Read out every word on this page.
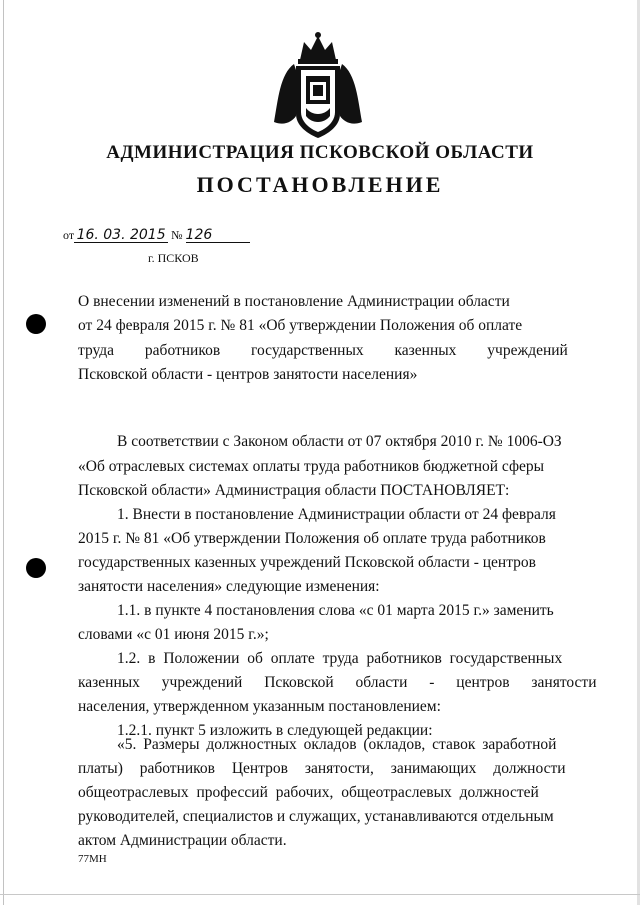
АДМИНИСТРАЦИЯ ПСКОВСКОЙ ОБЛАСТИ
ПОСТАНОВЛЕНИЕ
от 16. 03. 2015 № 126
г. ПСКОВ
О внесении изменений в постановление Администрации области
от 24 февраля 2015 г. № 81 «Об утверждении Положения об оплате
труда работников государственных казенных учреждений
Псковской области - центров занятости населения»
В соответствии с Законом области от 07 октября 2010 г. № 1006-ОЗ
«Об отраслевых системах оплаты труда работников бюджетной сферы
Псковской области» Администрация области ПОСТАНОВЛЯЕТ:
1. Внести в постановление Администрации области от 24 февраля
2015 г. № 81 «Об утверждении Положения об оплате труда работников
государственных казенных учреждений Псковской области - центров
занятости населения» следующие изменения:
1.1. в пункте 4 постановления слова «с 01 марта 2015 г.» заменить
словами «с 01 июня 2015 г.»;
1.2. в Положении об оплате труда работников государственных
казенных учреждений Псковской области - центров занятости
населения, утвержденном указанным постановлением:
1.2.1. пункт 5 изложить в следующей редакции:
«5. Размеры должностных окладов (окладов, ставок заработной
платы) работников Центров занятости, занимающих должности
общеотраслевых профессий рабочих, общеотраслевых должностей
руководителей, специалистов и служащих, устанавливаются отдельным
актом Администрации области.
77МН
